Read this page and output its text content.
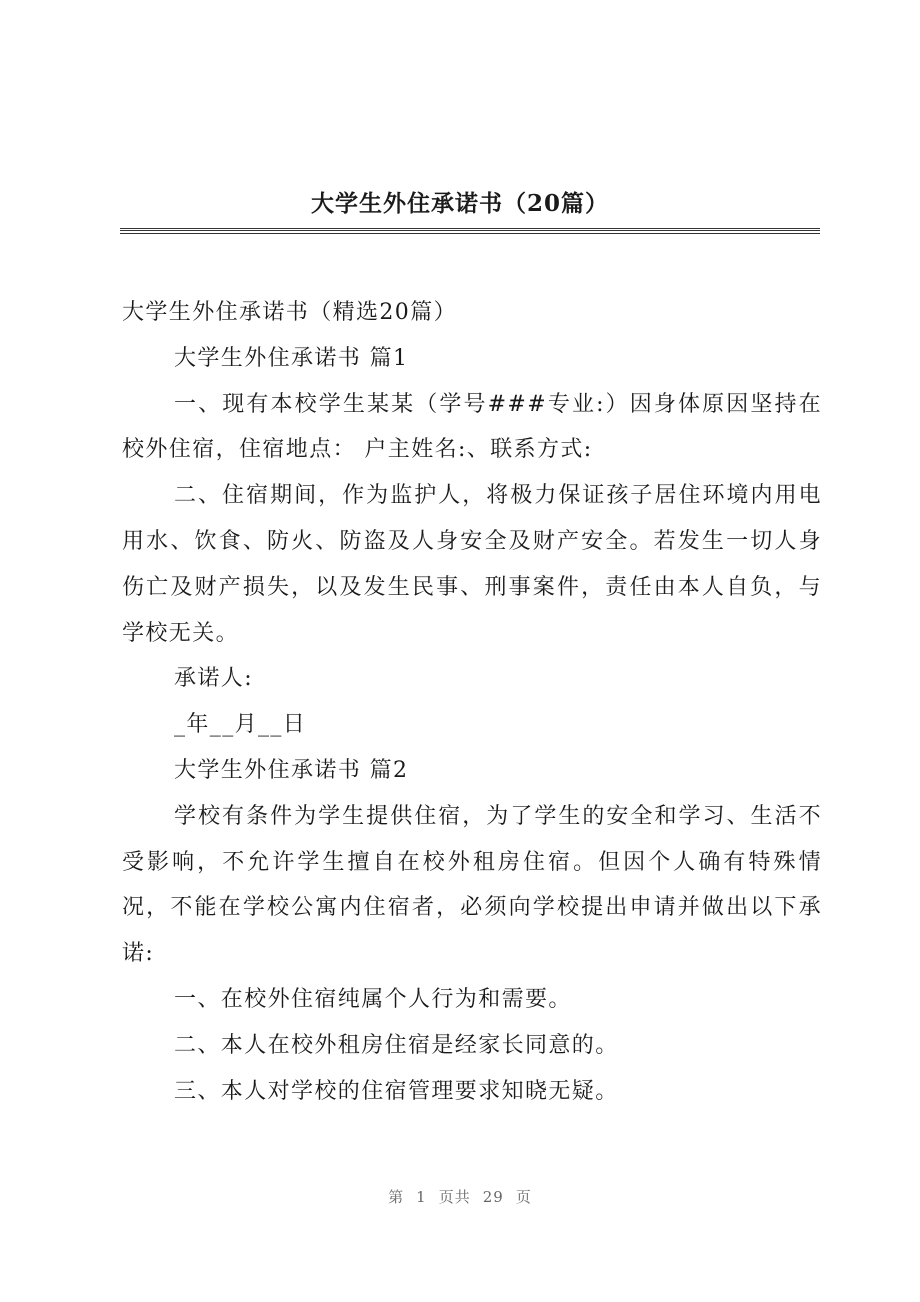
大学生外住承诺书（20篇）

大学生外住承诺书（精选20篇）

大学生外住承诺书 篇1

一、现有本校学生某某（学号###专业:）因身体原因坚持在校外住宿，住宿地点： 户主姓名:、联系方式:

二、住宿期间，作为监护人，将极力保证孩子居住环境内用电用水、饮食、防火、防盗及人身安全及财产安全。若发生一切人身伤亡及财产损失，以及发生民事、刑事案件，责任由本人自负，与学校无关。

承诺人:

_年__月__日

大学生外住承诺书 篇2

学校有条件为学生提供住宿，为了学生的安全和学习、生活不受影响，不允许学生擅自在校外租房住宿。但因个人确有特殊情况，不能在学校公寓内住宿者，必须向学校提出申请并做出以下承诺:

一、在校外住宿纯属个人行为和需要。

二、本人在校外租房住宿是经家长同意的。

三、本人对学校的住宿管理要求知晓无疑。

第 1 页共 29 页
